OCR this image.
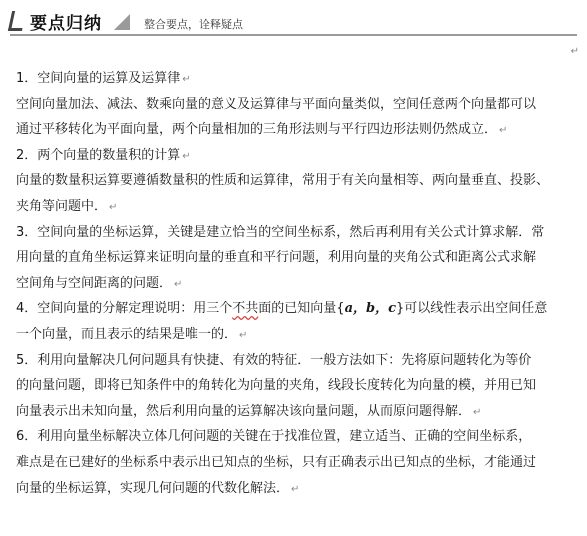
要点归纳	整合要点，诠释疑点
↵
1．空间向量的运算及运算律 ↵
空间向量加法、减法、数乘向量的意义及运算律与平面向量类似，空间任意两个向量都可以
通过平移转化为平面向量，两个向量相加的三角形法则与平行四边形法则仍然成立． ↵
2．两个向量的数量积的计算 ↵
向量的数量积运算要遵循数量积的性质和运算律，常用于有关向量相等、两向量垂直、投影、
夹角等问题中． ↵
3．空间向量的坐标运算，关键是建立恰当的空间坐标系，然后再利用有关公式计算求解．常
用向量的直角坐标运算来证明向量的垂直和平行问题，利用向量的夹角公式和距离公式求解
空间角与空间距离的问题． ↵
4．空间向量的分解定理说明：用三个不共面的已知向量{a，b，c}可以线性表示出空间任意
一个向量，而且表示的结果是唯一的． ↵
5．利用向量解决几何问题具有快捷、有效的特征．一般方法如下：先将原问题转化为等价
的向量问题，即将已知条件中的角转化为向量的夹角，线段长度转化为向量的模，并用已知
向量表示出未知向量，然后利用向量的运算解决该向量问题，从而原问题得解． ↵
6．利用向量坐标解决立体几何问题的关键在于找准位置，建立适当、正确的空间坐标系，
难点是在已建好的坐标系中表示出已知点的坐标，只有正确表示出已知点的坐标，才能通过
向量的坐标运算，实现几何问题的代数化解法． ↵
